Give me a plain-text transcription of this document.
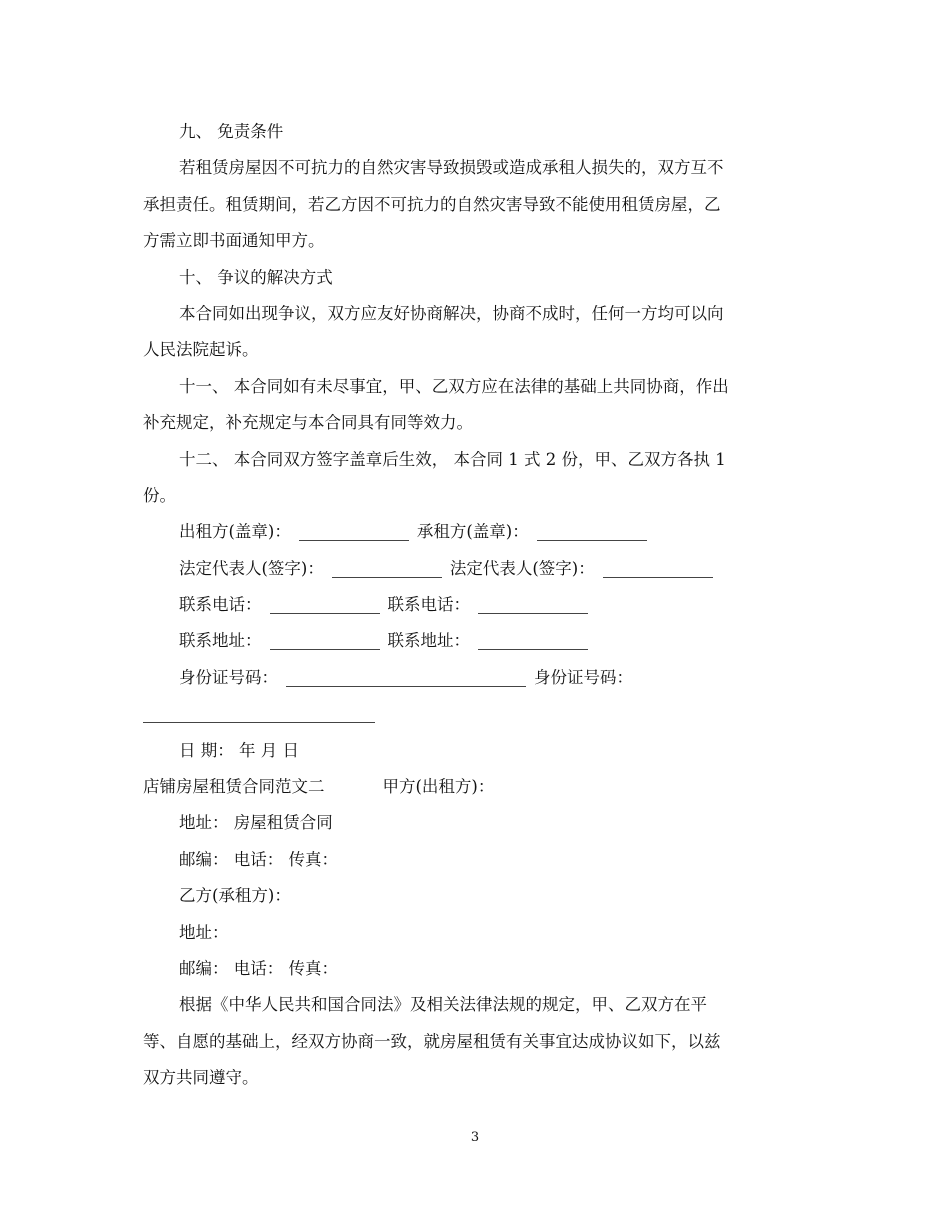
九、 免责条件
若租赁房屋因不可抗力的自然灾害导致损毁或造成承租人损失的，双方互不
承担责任。租赁期间，若乙方因不可抗力的自然灾害导致不能使用租赁房屋，乙
方需立即书面通知甲方。
十、 争议的解决方式
本合同如出现争议，双方应友好协商解决，协商不成时，任何一方均可以向
人民法院起诉。
十一、 本合同如有未尽事宜，甲、乙双方应在法律的基础上共同协商，作出
补充规定，补充规定与本合同具有同等效力。
十二、 本合同双方签字盖章后生效， 本合同 1 式 2 份，甲、乙双方各执 1
份。
出租方(盖章)：	承租方(盖章)：
法定代表人(签字)：	法定代表人(签字)：
联系电话：	联系电话：
联系地址：	联系地址：
身份证号码：	身份证号码：
日 期： 年 月 日
店铺房屋租赁合同范文二	甲方(出租方)：
地址： 房屋租赁合同
邮编： 电话： 传真：
乙方(承租方)：
地址：
邮编： 电话： 传真：
根据《中华人民共和国合同法》及相关法律法规的规定，甲、乙双方在平
等、自愿的基础上，经双方协商一致，就房屋租赁有关事宜达成协议如下，以兹
双方共同遵守。
3
